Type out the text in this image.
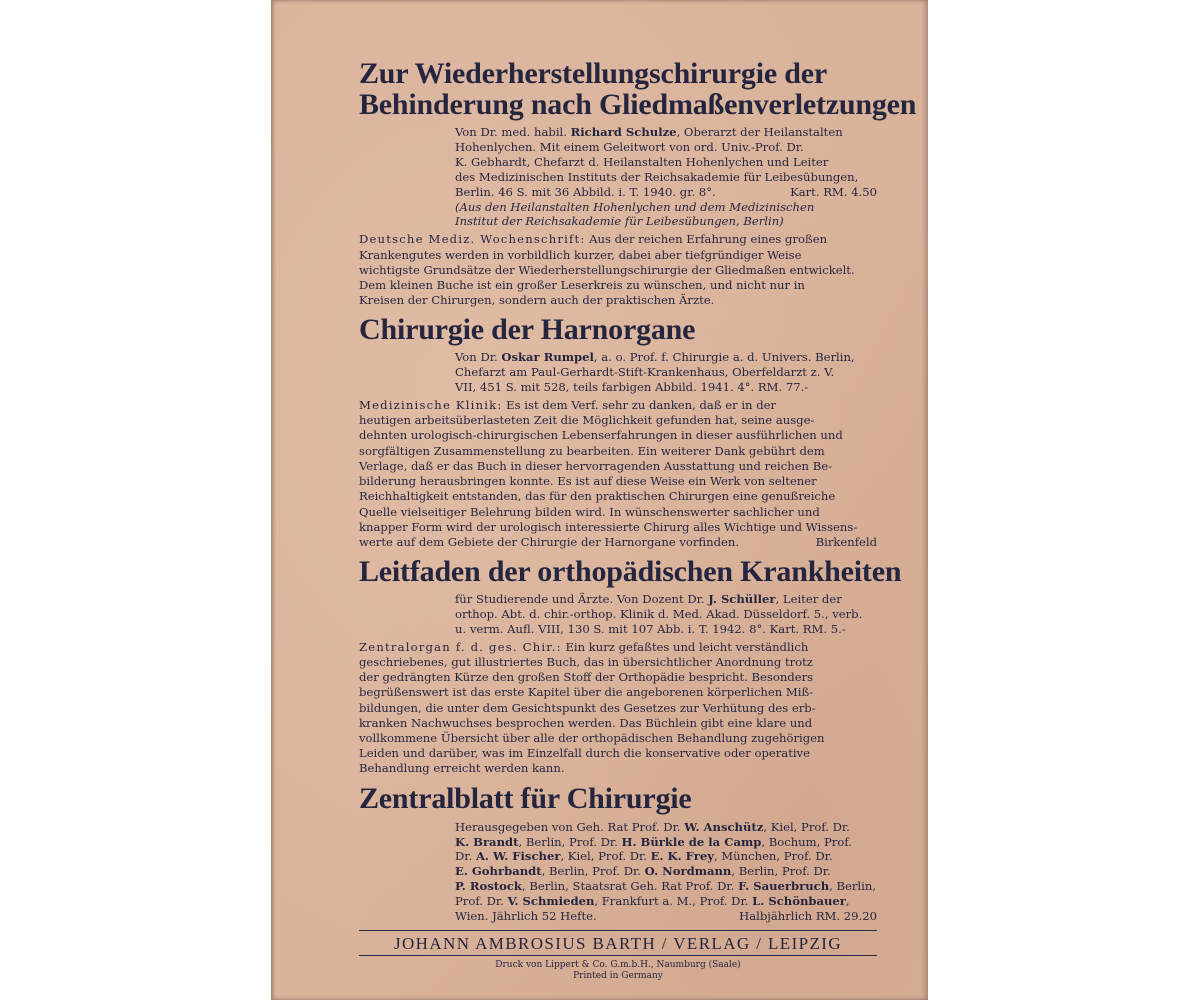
Zur Wiederherstellungschirurgie der
Behinderung nach Gliedmaßenverletzungen
Von Dr. med. habil. Richard Schulze, Oberarzt der Heilanstalten
Hohenlychen. Mit einem Geleitwort von ord. Univ.-Prof. Dr.
K. Gebhardt, Chefarzt d. Heilanstalten Hohenlychen und Leiter
des Medizinischen Instituts der Reichsakademie für Leibesübungen,
Berlin. 46 S. mit 36 Abbild. i. T. 1940. gr. 8°.	Kart. RM. 4.50
(Aus den Heilanstalten Hohenlychen und dem Medizinischen
Institut der Reichsakademie für Leibesübungen, Berlin)
Deutsche Mediz. Wochenschrift: Aus der reichen Erfahrung eines großen
Krankengutes werden in vorbildlich kurzer, dabei aber tiefgründiger Weise
wichtigste Grundsätze der Wiederherstellungschirurgie der Gliedmaßen entwickelt.
Dem kleinen Buche ist ein großer Leserkreis zu wünschen, und nicht nur in
Kreisen der Chirurgen, sondern auch der praktischen Ärzte.
Chirurgie der Harnorgane
Von Dr. Oskar Rumpel, a. o. Prof. f. Chirurgie a. d. Univers. Berlin,
Chefarzt am Paul-Gerhardt-Stift-Krankenhaus, Oberfeldarzt z. V.
VII, 451 S. mit 528, teils farbigen Abbild. 1941. 4°. RM. 77.-
Medizinische Klinik: Es ist dem Verf. sehr zu danken, daß er in der
heutigen arbeitsüberlasteten Zeit die Möglichkeit gefunden hat, seine ausge-
dehnten urologisch-chirurgischen Lebenserfahrungen in dieser ausführlichen und
sorgfältigen Zusammenstellung zu bearbeiten. Ein weiterer Dank gebührt dem
Verlage, daß er das Buch in dieser hervorragenden Ausstattung und reichen Be-
bilderung herausbringen konnte. Es ist auf diese Weise ein Werk von seltener
Reichhaltigkeit entstanden, das für den praktischen Chirurgen eine genußreiche
Quelle vielseitiger Belehrung bilden wird. In wünschenswerter sachlicher und
knapper Form wird der urologisch interessierte Chirurg alles Wichtige und Wissens-
werte auf dem Gebiete der Chirurgie der Harnorgane vorfinden.	Birkenfeld
Leitfaden der orthopädischen Krankheiten
für Studierende und Ärzte. Von Dozent Dr. J. Schüller, Leiter der
orthop. Abt. d. chir.-orthop. Klinik d. Med. Akad. Düsseldorf. 5., verb.
u. verm. Aufl. VIII, 130 S. mit 107 Abb. i. T. 1942. 8°. Kart. RM. 5.-
Zentralorgan f. d. ges. Chir.: Ein kurz gefaßtes und leicht verständlich
geschriebenes, gut illustriertes Buch, das in übersichtlicher Anordnung trotz
der gedrängten Kürze den großen Stoff der Orthopädie bespricht. Besonders
begrüßenswert ist das erste Kapitel über die angeborenen körperlichen Miß-
bildungen, die unter dem Gesichtspunkt des Gesetzes zur Verhütung des erb-
kranken Nachwuchses besprochen werden. Das Büchlein gibt eine klare und
vollkommene Übersicht über alle der orthopädischen Behandlung zugehörigen
Leiden und darüber, was im Einzelfall durch die konservative oder operative
Behandlung erreicht werden kann.
Zentralblatt für Chirurgie
Herausgegeben von Geh. Rat Prof. Dr. W. Anschütz, Kiel, Prof. Dr.
K. Brandt, Berlin, Prof. Dr. H. Bürkle de la Camp, Bochum, Prof.
Dr. A. W. Fischer, Kiel, Prof. Dr. E. K. Frey, München, Prof. Dr.
E. Gohrbandt, Berlin, Prof. Dr. O. Nordmann, Berlin, Prof. Dr.
P. Rostock, Berlin, Staatsrat Geh. Rat Prof. Dr. F. Sauerbruch, Berlin,
Prof. Dr. V. Schmieden, Frankfurt a. M., Prof. Dr. L. Schönbauer,
Wien. Jährlich 52 Hefte.	Halbjährlich RM. 29.20
JOHANN AMBROSIUS BARTH / VERLAG / LEIPZIG
Druck von Lippert & Co. G.m.b.H., Naumburg (Saale)
Printed in Germany
